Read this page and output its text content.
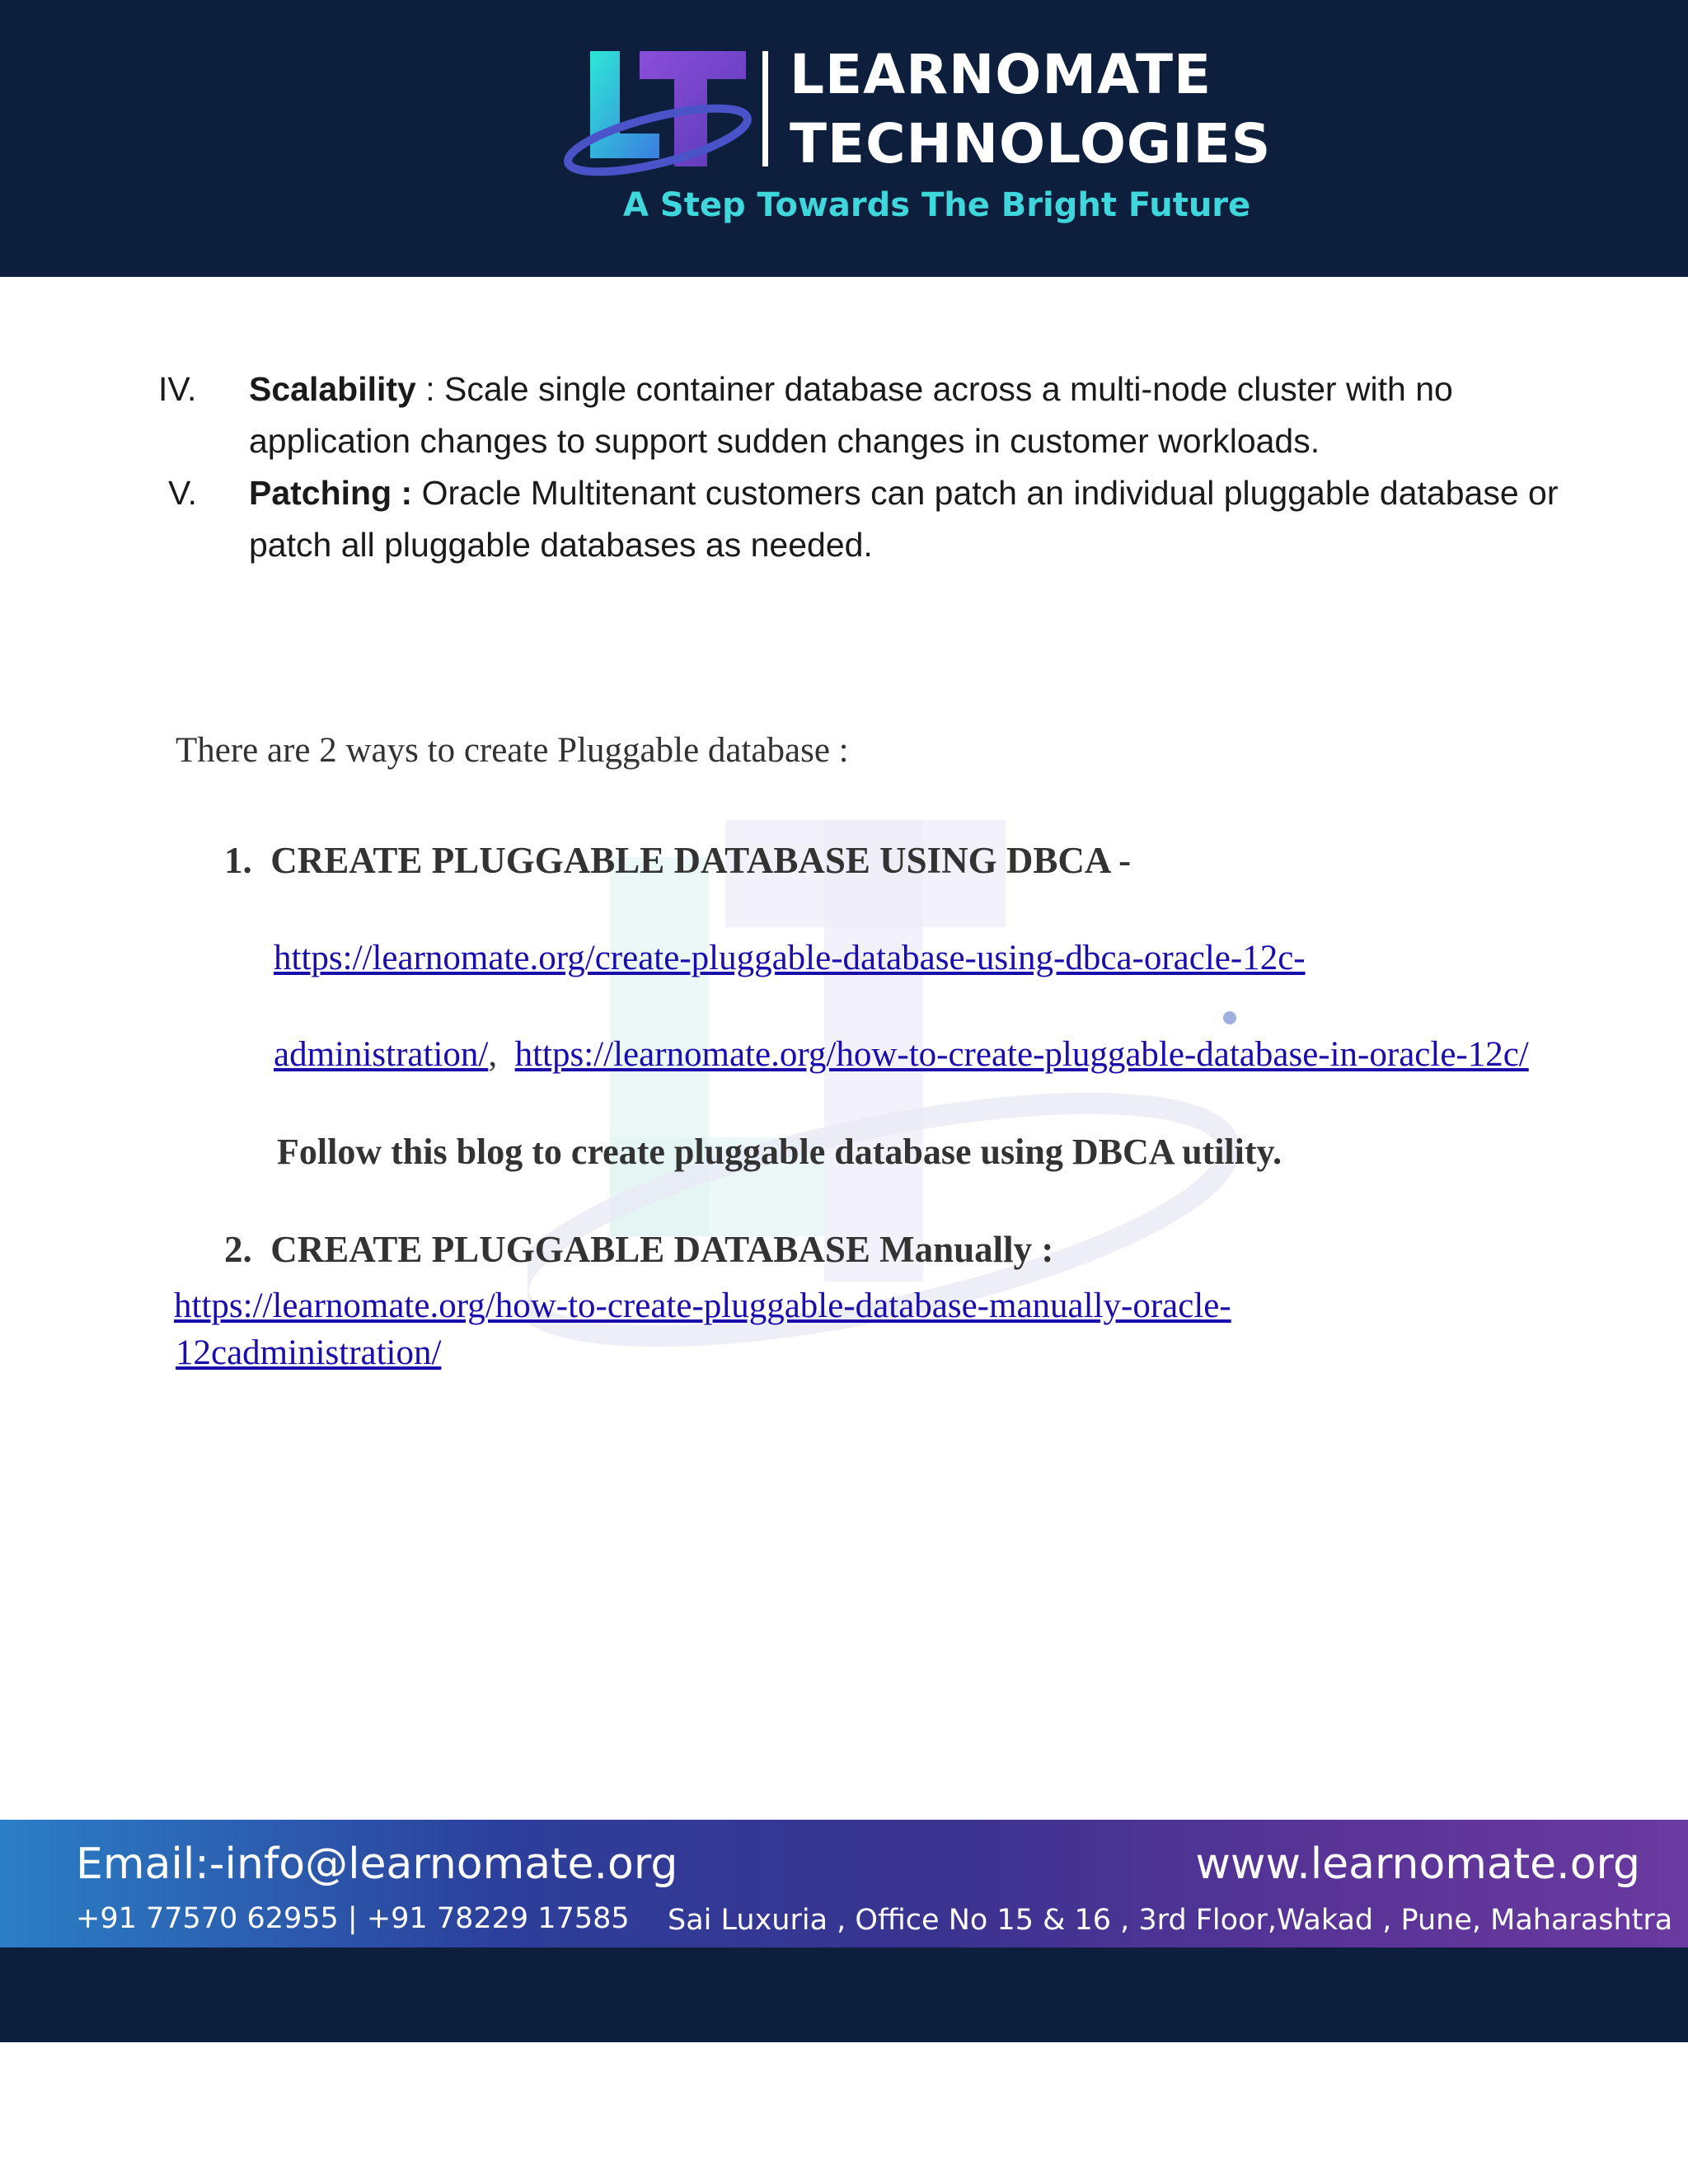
LEARNOMATE
TECHNOLOGIES
A Step Towards The Bright Future
IV. Scalability : Scale single container database across a multi-node cluster with no application changes to support sudden changes in customer workloads.
V. Patching : Oracle Multitenant customers can patch an individual pluggable database or patch all pluggable databases as needed.
There are 2 ways to create Pluggable database :
1. CREATE PLUGGABLE DATABASE USING DBCA -
https://learnomate.org/create-pluggable-database-using-dbca-oracle-12c-
administration/, https://learnomate.org/how-to-create-pluggable-database-in-oracle-12c/
Follow this blog to create pluggable database using DBCA utility.
2. CREATE PLUGGABLE DATABASE Manually :
https://learnomate.org/how-to-create-pluggable-database-manually-oracle-
12cadministration/
Email:-info@learnomate.org	www.learnomate.org
+91 77570 62955 | +91 78229 17585 Sai Luxuria , Office No 15 & 16 , 3rd Floor,Wakad , Pune, Maharashtra
